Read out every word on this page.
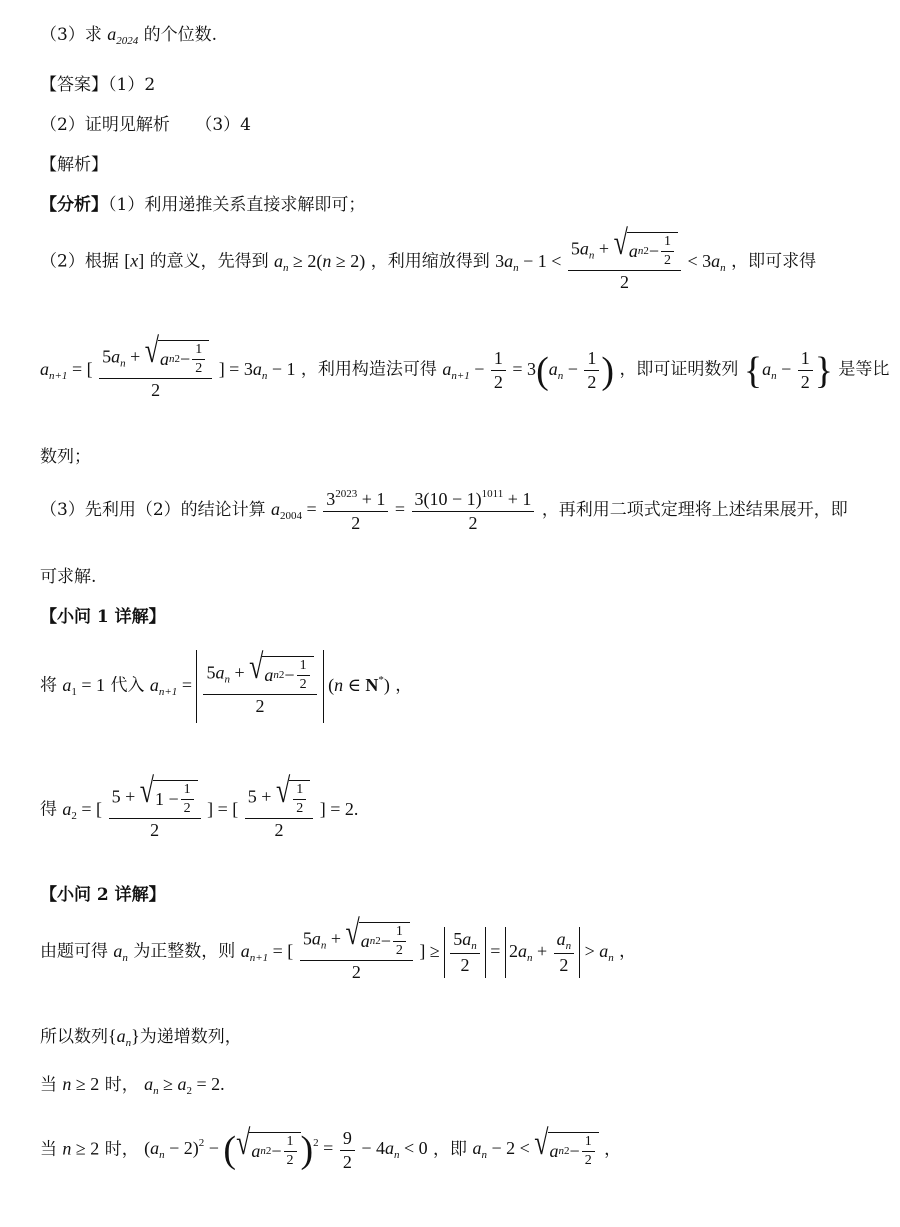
（3）求 $a_{2024}$ 的个位数.
【答案】（1）2
（2）证明见解析　　（3）4
【解析】
【分析】（1）利用递推关系直接求解即可；
（2）根据 [x] 的意义，先得到 $a_n \ge 2(n \ge 2)$ ，利用缩放得到 $3a_n - 1 < \frac{5a_n + √ a n 2 - \frac{1}{2}}{2} < 3a_n$ ，即可求得
$a_{n+1}$ = [ $\frac{5a_n + √ a n 2 - \frac{1}{2}}{2}$ ] = $3a_n - 1$ ，利用构造法可得 $a_{n+1} - \frac{1}{2} = 3(a_n - \frac{1}{2}$ ) ，即可证明数列 {$a_n - \frac{1}{2}$ } 是等比
数列；
（3）先利用（2）的结论计算 $a_{2004} = \frac{3^{2023} + 1}{2} = \frac{3(10 - 1)^{1011} + 1}{2}$ ，再利用二项式定理将上述结果展开，即
可求解.
【小问 1 详解】
将 $a_1 = 1$ 代入 $a_{n+1} = \frac{5a_n + √ a n 2 - \frac{1}{2}}{2} (n$ ∈ N*) ，
得 $a_2$ = [ $\frac{5 + √ 1 - \frac{1}{2}}{2}$ ] = [ $\frac{5 + √ \frac{1}{2}}{2}$ ] = 2.
【小问 2 详解】
由题可得 $a_n$ 为正整数，则 $a_{n+1}$ = [ $\frac{5a_n + √ a n 2 - \frac{1}{2}}{2}$ ] ≥ $\frac{5a_n}{2} = 2a_n + \frac{a_n}{2} > a_n$ ，
所以数列$\{a_n\}$为递增数列，
当 n ≥ 2 时， $a_n \ge a_2 = 2$.
当 n ≥ 2 时， $(a_n - 2)^2$ − ( √ a n $2 - \frac{1}{2} )^2 = \frac{9}{2} - 4a_n < 0$ ，即 $a_n - 2$ < √ a n $2 - \frac{1}{2}$ ，
